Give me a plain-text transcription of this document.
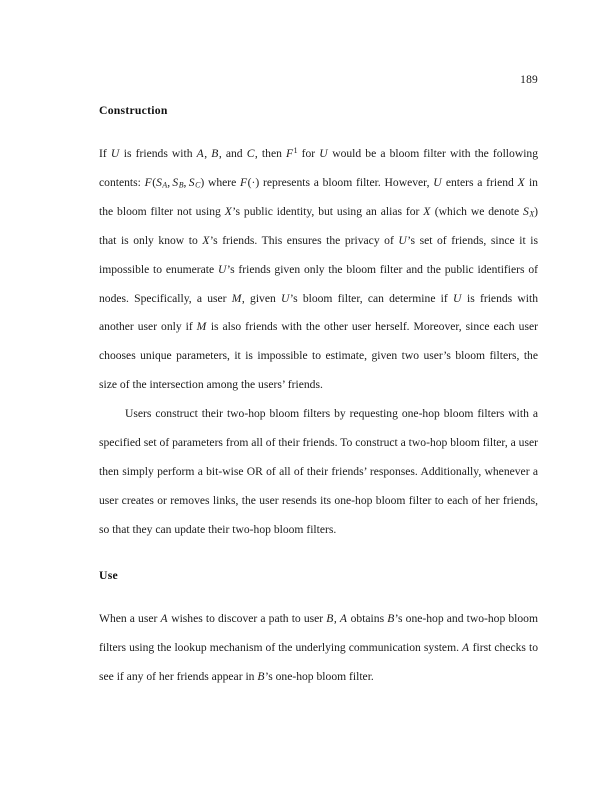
189
Construction

If U is friends with A, B, and C, then $F^1$ for U would be a bloom filter with the following contents: $F(S_A$, $S_B$, $S_C$) where F(·) represents a bloom filter. However, U enters a friend X in the bloom filter not using X’s public identity, but using an alias for X (which we denote $S_X$) that is only know to X’s friends. This ensures the privacy of U’s set of friends, since it is impossible to enumerate U’s friends given only the bloom filter and the public identifiers of nodes. Specifically, a user M, given U’s bloom filter, can determine if U is friends with another user only if M is also friends with the other user herself. Moreover, since each user chooses unique parameters, it is impossible to estimate, given two user’s bloom filters, the size of the intersection among the users’ friends.

Users construct their two-hop bloom filters by requesting one-hop bloom filters with a specified set of parameters from all of their friends. To construct a two-hop bloom filter, a user then simply perform a bit-wise OR of all of their friends’ responses. Additionally, whenever a user creates or removes links, the user resends its one-hop bloom filter to each of her friends, so that they can update their two-hop bloom filters.

Use

When a user A wishes to discover a path to user B, A obtains B’s one-hop and two-hop bloom filters using the lookup mechanism of the underlying communication system. A first checks to see if any of her friends appear in B’s one-hop bloom filter.
